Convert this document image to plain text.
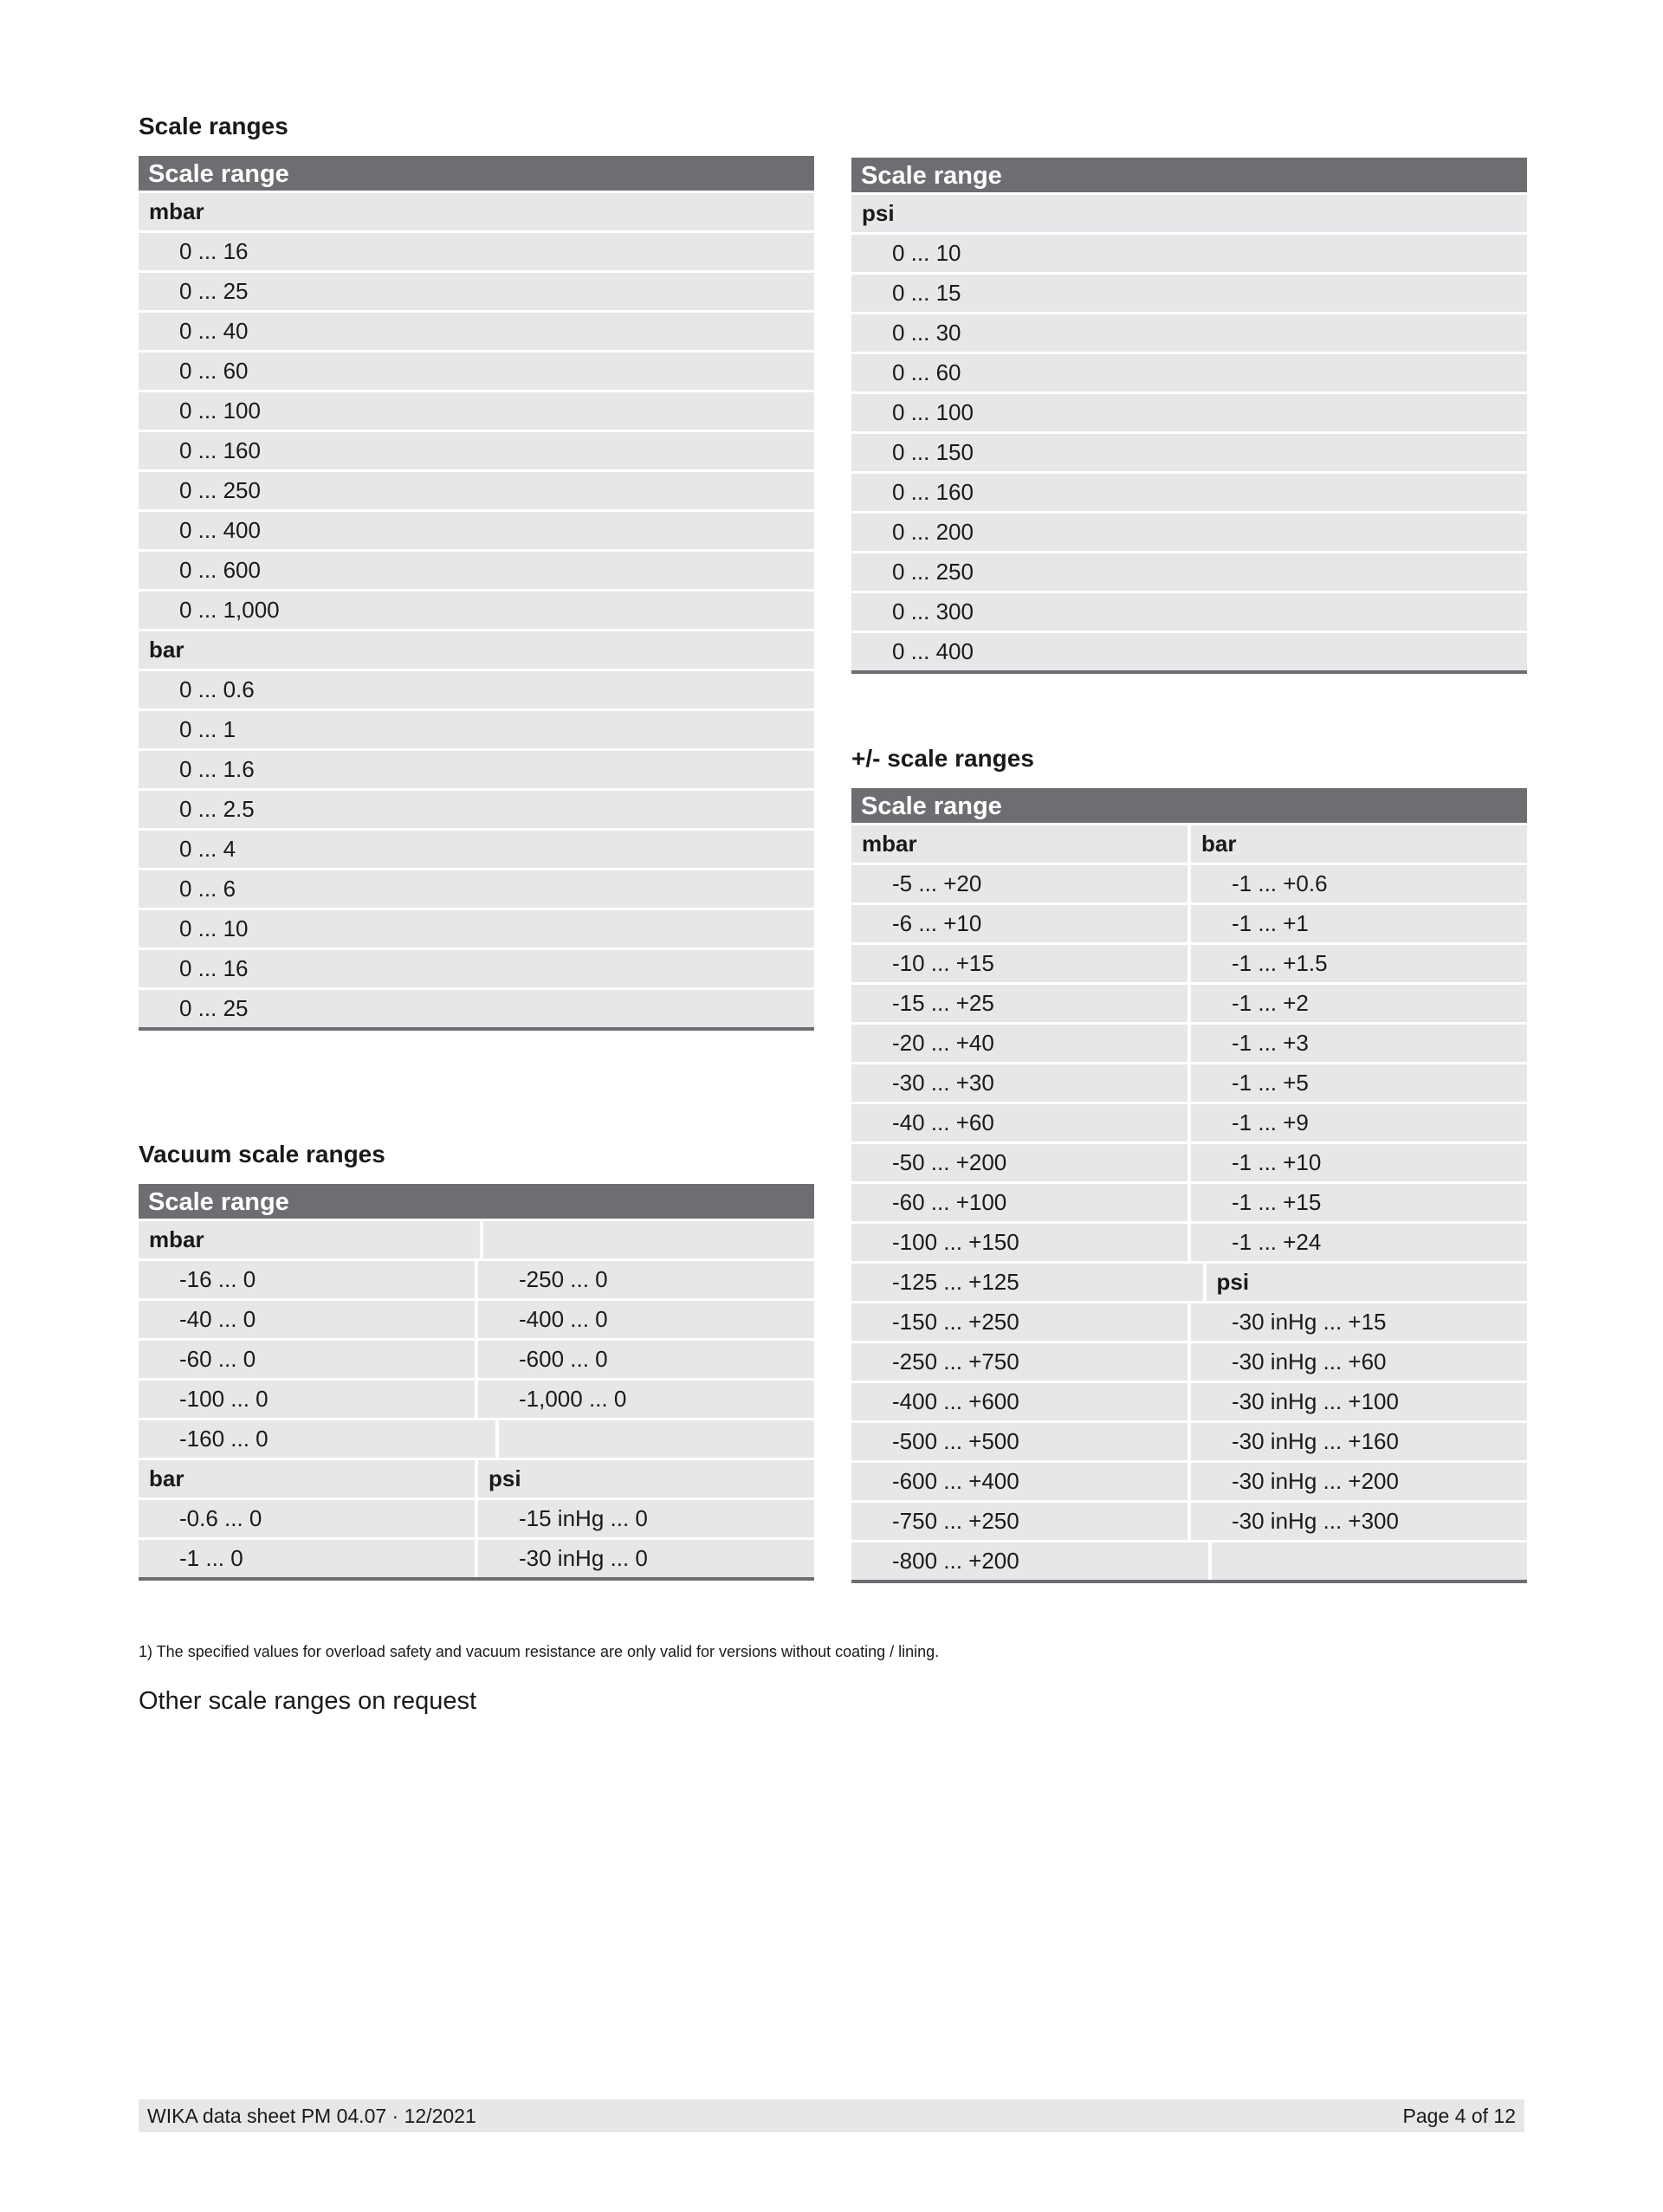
Scale ranges
Scale range
mbar
0 ... 16
0 ... 25
0 ... 40
0 ... 60
0 ... 100
0 ... 160
0 ... 250
0 ... 400
0 ... 600
0 ... 1,000
bar
0 ... 0.6
0 ... 1
0 ... 1.6
0 ... 2.5
0 ... 4
0 ... 6
0 ... 10
0 ... 16
0 ... 25
Scale range
psi
0 ... 10
0 ... 15
0 ... 30
0 ... 60
0 ... 100
0 ... 150
0 ... 160
0 ... 200
0 ... 250
0 ... 300
0 ... 400
+/- scale ranges
Scale range
mbar	bar
-5 ... +20	-1 ... +0.6
-6 ... +10	-1 ... +1
-10 ... +15	-1 ... +1.5
-15 ... +25	-1 ... +2
-20 ... +40	-1 ... +3
-30 ... +30	-1 ... +5
-40 ... +60	-1 ... +9
-50 ... +200	-1 ... +10
-60 ... +100	-1 ... +15
-100 ... +150	-1 ... +24
-125 ... +125	psi
-150 ... +250	-30 inHg ... +15
-250 ... +750	-30 inHg ... +60
-400 ... +600	-30 inHg ... +100
-500 ... +500	-30 inHg ... +160
-600 ... +400	-30 inHg ... +200
-750 ... +250	-30 inHg ... +300
-800 ... +200
Vacuum scale ranges
Scale range
mbar
-16 ... 0	-250 ... 0
-40 ... 0	-400 ... 0
-60 ... 0	-600 ... 0
-100 ... 0	-1,000 ... 0
-160 ... 0
bar	psi
-0.6 ... 0	-15 inHg ... 0
-1 ... 0	-30 inHg ... 0

1) The specified values for overload safety and vacuum resistance are only valid for versions without coating / lining.

Other scale ranges on request

WIKA data sheet PM 04.07 · 12/2021	Page 4 of 12
